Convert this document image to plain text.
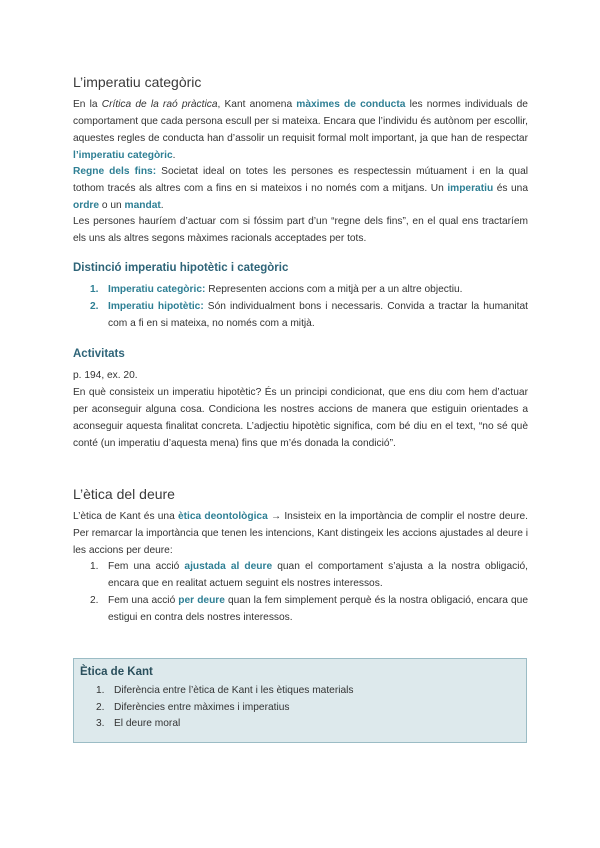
L’imperatiu categòric
En la Crítica de la raó pràctica, Kant anomena màximes de conducta les normes individuals de comportament que cada persona escull per si mateixa. Encara que l’individu és autònom per escollir, aquestes regles de conducta han d’assolir un requisit formal molt important, ja que han de respectar l’imperatiu categòric.
Regne dels fins: Societat ideal on totes les persones es respectessin mútuament i en la qual tothom tracés als altres com a fins en si mateixos i no només com a mitjans. Un imperatiu és una ordre o un mandat.
Les persones hauríem d’actuar com si fóssim part d’un “regne dels fins”, en el qual ens tractaríem els uns als altres segons màximes racionals acceptades per tots.
Distinció imperatiu hipotètic i categòric
1. Imperatiu categòric: Representen accions com a mitjà per a un altre objectiu.
2. Imperatiu hipotètic: Són individualment bons i necessaris. Convida a tractar la humanitat com a fi en si mateixa, no només com a mitjà.
Activitats
p. 194, ex. 20.
En què consisteix un imperatiu hipotètic? És un principi condicionat, que ens diu com hem d’actuar per aconseguir alguna cosa. Condiciona les nostres accions de manera que estiguin orientades a aconseguir aquesta finalitat concreta. L’adjectiu hipotètic significa, com bé diu en el text, “no sé què conté (un imperatiu d’aquesta mena) fins que m’és donada la condició”.
L’ètica del deure
L’ètica de Kant és una ètica deontològica → Insisteix en la importància de complir el nostre deure. Per remarcar la importància que tenen les intencions, Kant distingeix les accions ajustades al deure i les accions per deure:
1. Fem una acció ajustada al deure quan el comportament s’ajusta a la nostra obligació, encara que en realitat actuem seguint els nostres interessos.
2. Fem una acció per deure quan la fem simplement perquè és la nostra obligació, encara que estigui en contra dels nostres interessos.
Ètica de Kant
1. Diferència entre l’ètica de Kant i les ètiques materials
2. Diferències entre màximes i imperatius
3. El deure moral
